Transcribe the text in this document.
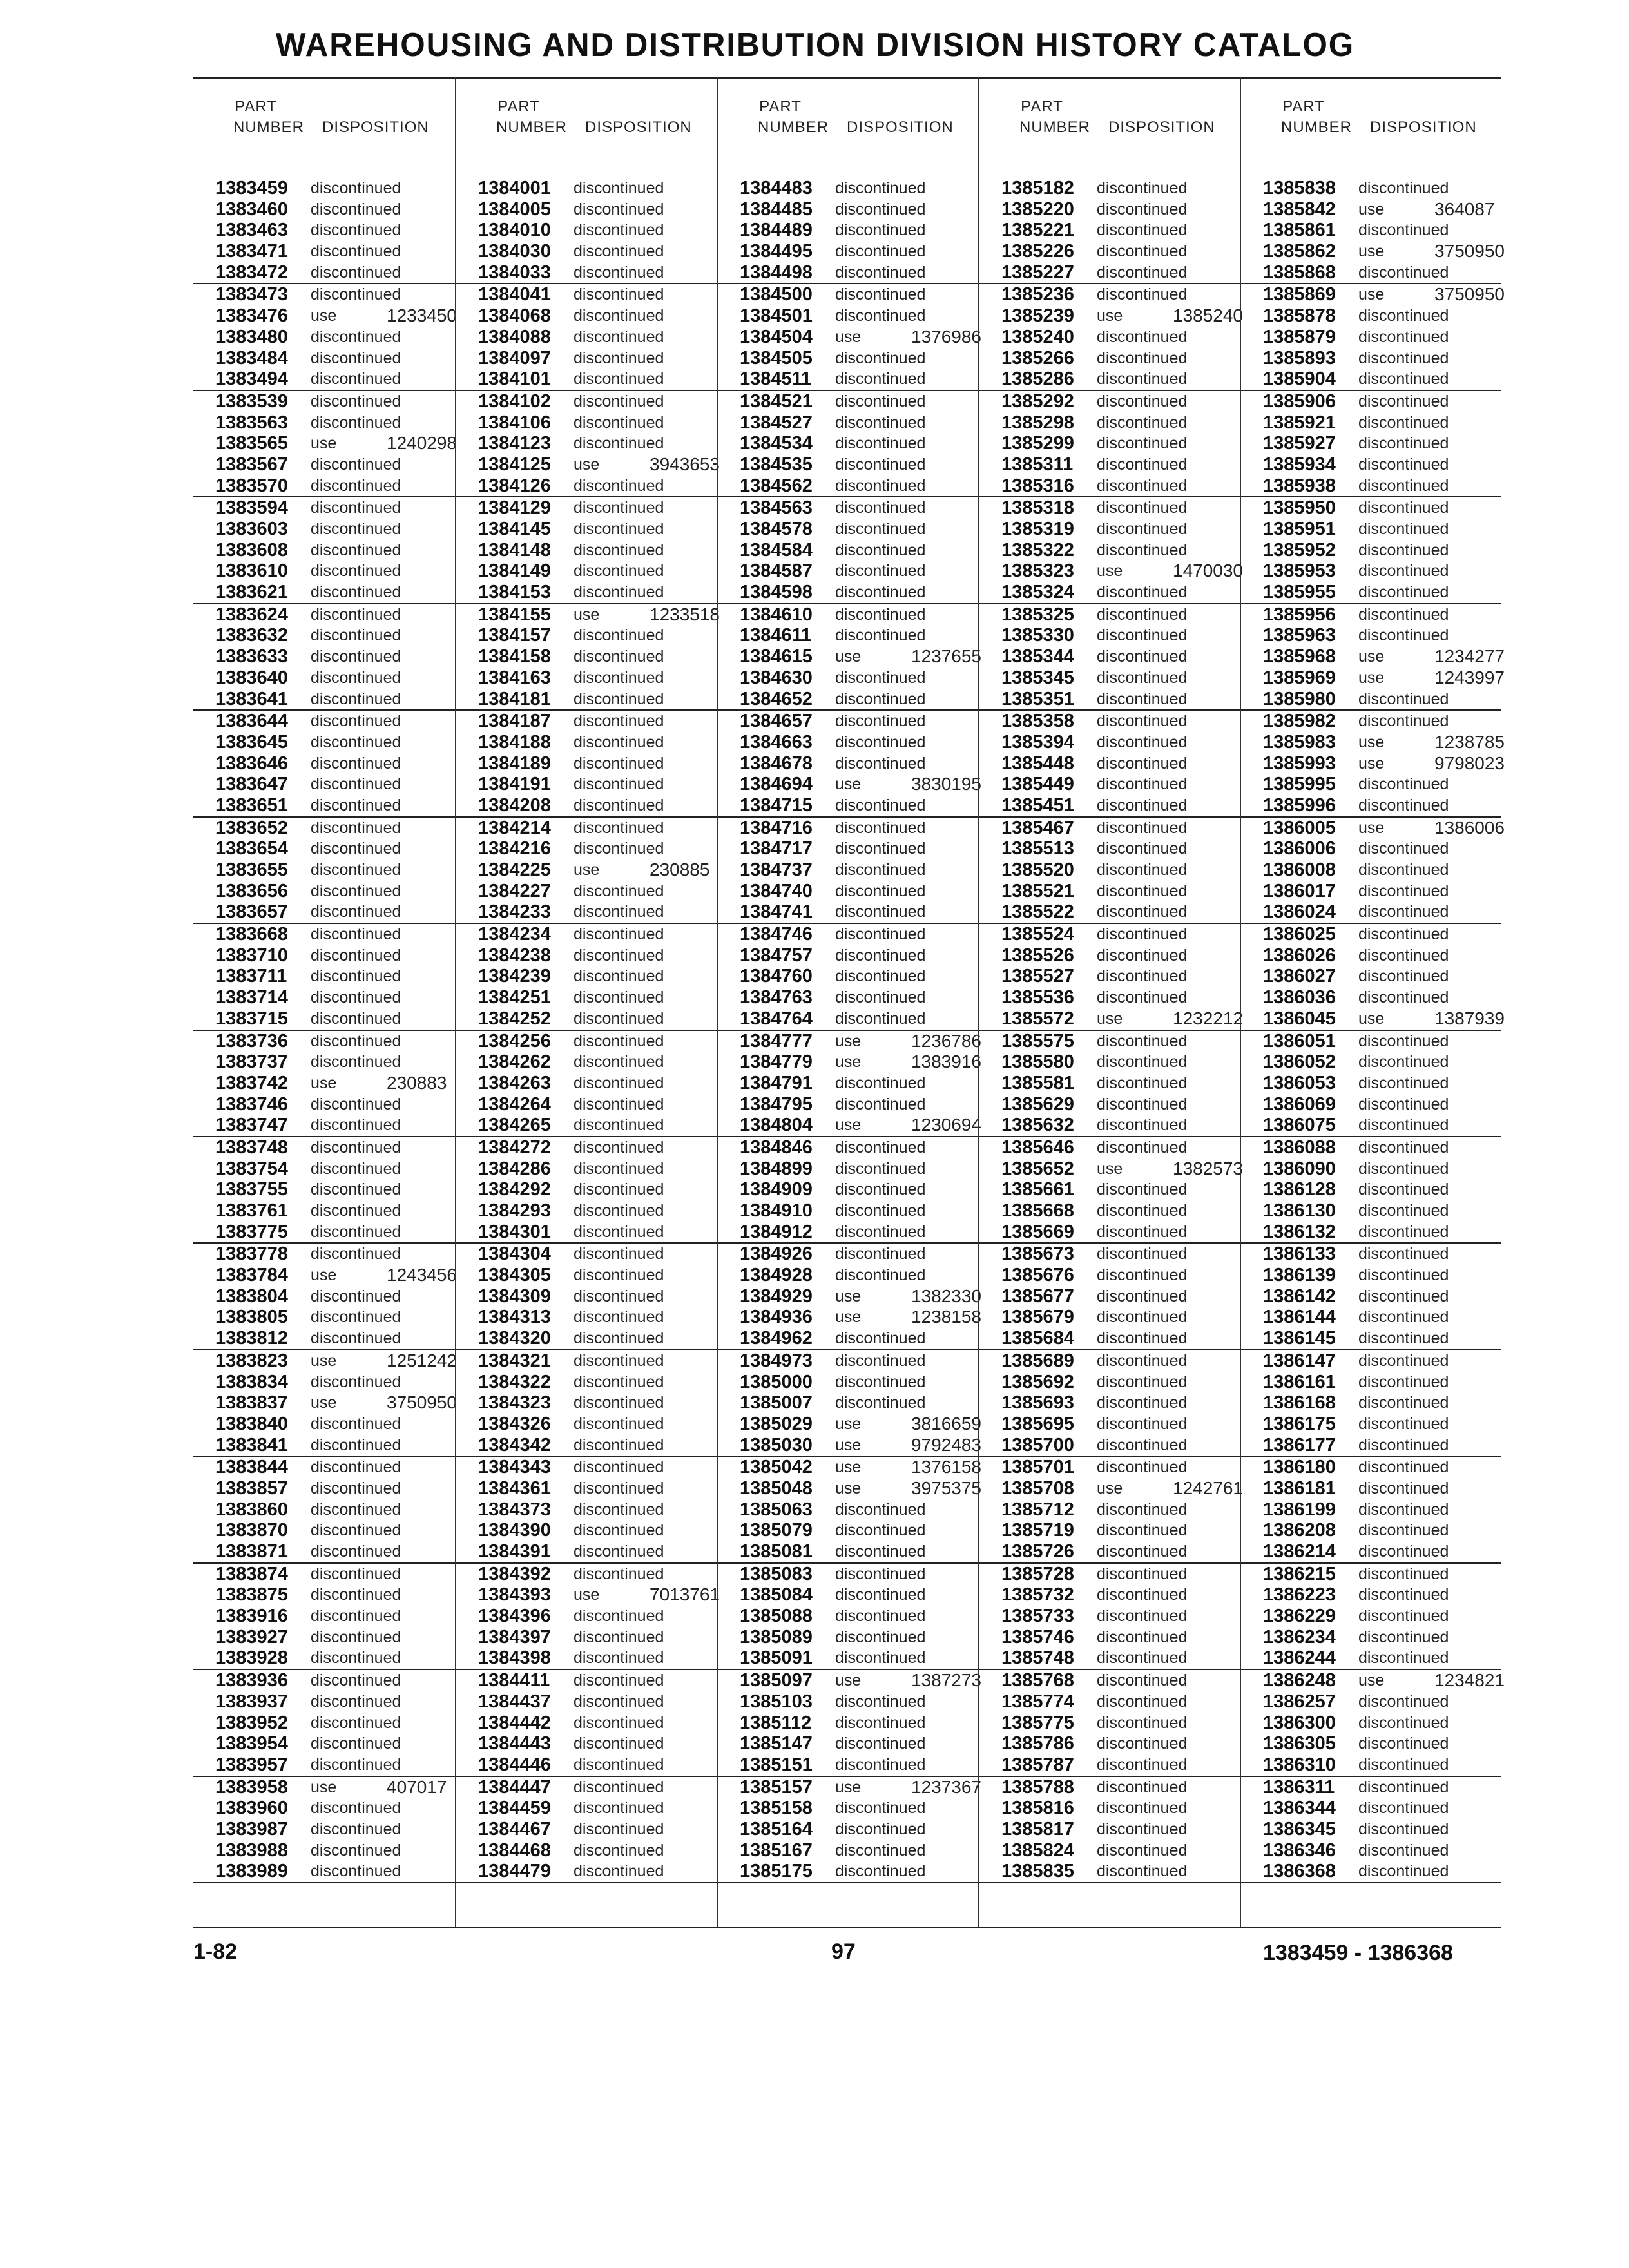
WAREHOUSING AND DISTRIBUTION DIVISION HISTORY CATALOG
PART NUMBER DISPOSITION
1383459 discontinued
1383460 discontinued
1383463 discontinued
1383471 discontinued
1383472 discontinued
1383473 discontinued
1383476 use	1233450
1383480 discontinued
1383484 discontinued
1383494 discontinued
1383539 discontinued
1383563 discontinued
1383565 use	1240298
1383567 discontinued
1383570 discontinued
1383594 discontinued
1383603 discontinued
1383608 discontinued
1383610 discontinued
1383621 discontinued
1383624 discontinued
1383632 discontinued
1383633 discontinued
1383640 discontinued
1383641 discontinued
1383644 discontinued
1383645 discontinued
1383646 discontinued
1383647 discontinued
1383651 discontinued
1383652 discontinued
1383654 discontinued
1383655 discontinued
1383656 discontinued
1383657 discontinued
1383668 discontinued
1383710 discontinued
1383711 discontinued
1383714 discontinued
1383715 discontinued
1383736 discontinued
1383737 discontinued
1383742 use	230883
1383746 discontinued
1383747 discontinued
1383748 discontinued
1383754 discontinued
1383755 discontinued
1383761 discontinued
1383775 discontinued
1383778 discontinued
1383784 use	1243456
1383804 discontinued
1383805 discontinued
1383812 discontinued
1383823 use	1251242
1383834 discontinued
1383837 use	3750950
1383840 discontinued
1383841 discontinued
1383844 discontinued
1383857 discontinued
1383860 discontinued
1383870 discontinued
1383871 discontinued
1383874 discontinued
1383875 discontinued
1383916 discontinued
1383927 discontinued
1383928 discontinued
1383936 discontinued
1383937 discontinued
1383952 discontinued
1383954 discontinued
1383957 discontinued
1383958 use	407017
1383960 discontinued
1383987 discontinued
1383988 discontinued
1383989 discontinued
PART NUMBER DISPOSITION
1384001 discontinued
1384005 discontinued
1384010 discontinued
1384030 discontinued
1384033 discontinued
1384041 discontinued
1384068 discontinued
1384088 discontinued
1384097 discontinued
1384101 discontinued
1384102 discontinued
1384106 discontinued
1384123 discontinued
1384125 use	3943653
1384126 discontinued
1384129 discontinued
1384145 discontinued
1384148 discontinued
1384149 discontinued
1384153 discontinued
1384155 use	1233518
1384157 discontinued
1384158 discontinued
1384163 discontinued
1384181 discontinued
1384187 discontinued
1384188 discontinued
1384189 discontinued
1384191 discontinued
1384208 discontinued
1384214 discontinued
1384216 discontinued
1384225 use	230885
1384227 discontinued
1384233 discontinued
1384234 discontinued
1384238 discontinued
1384239 discontinued
1384251 discontinued
1384252 discontinued
1384256 discontinued
1384262 discontinued
1384263 discontinued
1384264 discontinued
1384265 discontinued
1384272 discontinued
1384286 discontinued
1384292 discontinued
1384293 discontinued
1384301 discontinued
1384304 discontinued
1384305 discontinued
1384309 discontinued
1384313 discontinued
1384320 discontinued
1384321 discontinued
1384322 discontinued
1384323 discontinued
1384326 discontinued
1384342 discontinued
1384343 discontinued
1384361 discontinued
1384373 discontinued
1384390 discontinued
1384391 discontinued
1384392 discontinued
1384393 use	7013761
1384396 discontinued
1384397 discontinued
1384398 discontinued
1384411 discontinued
1384437 discontinued
1384442 discontinued
1384443 discontinued
1384446 discontinued
1384447 discontinued
1384459 discontinued
1384467 discontinued
1384468 discontinued
1384479 discontinued
PART NUMBER DISPOSITION
1384483 discontinued
1384485 discontinued
1384489 discontinued
1384495 discontinued
1384498 discontinued
1384500 discontinued
1384501 discontinued
1384504 use	1376986
1384505 discontinued
1384511 discontinued
1384521 discontinued
1384527 discontinued
1384534 discontinued
1384535 discontinued
1384562 discontinued
1384563 discontinued
1384578 discontinued
1384584 discontinued
1384587 discontinued
1384598 discontinued
1384610 discontinued
1384611 discontinued
1384615 use	1237655
1384630 discontinued
1384652 discontinued
1384657 discontinued
1384663 discontinued
1384678 discontinued
1384694 use	3830195
1384715 discontinued
1384716 discontinued
1384717 discontinued
1384737 discontinued
1384740 discontinued
1384741 discontinued
1384746 discontinued
1384757 discontinued
1384760 discontinued
1384763 discontinued
1384764 discontinued
1384777 use	1236786
1384779 use	1383916
1384791 discontinued
1384795 discontinued
1384804 use	1230694
1384846 discontinued
1384899 discontinued
1384909 discontinued
1384910 discontinued
1384912 discontinued
1384926 discontinued
1384928 discontinued
1384929 use	1382330
1384936 use	1238158
1384962 discontinued
1384973 discontinued
1385000 discontinued
1385007 discontinued
1385029 use	3816659
1385030 use	9792483
1385042 use	1376158
1385048 use	3975375
1385063 discontinued
1385079 discontinued
1385081 discontinued
1385083 discontinued
1385084 discontinued
1385088 discontinued
1385089 discontinued
1385091 discontinued
1385097 use	1387273
1385103 discontinued
1385112 discontinued
1385147 discontinued
1385151 discontinued
1385157 use	1237367
1385158 discontinued
1385164 discontinued
1385167 discontinued
1385175 discontinued
PART NUMBER DISPOSITION
1385182 discontinued
1385220 discontinued
1385221 discontinued
1385226 discontinued
1385227 discontinued
1385236 discontinued
1385239 use	1385240
1385240 discontinued
1385266 discontinued
1385286 discontinued
1385292 discontinued
1385298 discontinued
1385299 discontinued
1385311 discontinued
1385316 discontinued
1385318 discontinued
1385319 discontinued
1385322 discontinued
1385323 use	1470030
1385324 discontinued
1385325 discontinued
1385330 discontinued
1385344 discontinued
1385345 discontinued
1385351 discontinued
1385358 discontinued
1385394 discontinued
1385448 discontinued
1385449 discontinued
1385451 discontinued
1385467 discontinued
1385513 discontinued
1385520 discontinued
1385521 discontinued
1385522 discontinued
1385524 discontinued
1385526 discontinued
1385527 discontinued
1385536 discontinued
1385572 use	1232212
1385575 discontinued
1385580 discontinued
1385581 discontinued
1385629 discontinued
1385632 discontinued
1385646 discontinued
1385652 use	1382573
1385661 discontinued
1385668 discontinued
1385669 discontinued
1385673 discontinued
1385676 discontinued
1385677 discontinued
1385679 discontinued
1385684 discontinued
1385689 discontinued
1385692 discontinued
1385693 discontinued
1385695 discontinued
1385700 discontinued
1385701 discontinued
1385708 use	1242761
1385712 discontinued
1385719 discontinued
1385726 discontinued
1385728 discontinued
1385732 discontinued
1385733 discontinued
1385746 discontinued
1385748 discontinued
1385768 discontinued
1385774 discontinued
1385775 discontinued
1385786 discontinued
1385787 discontinued
1385788 discontinued
1385816 discontinued
1385817 discontinued
1385824 discontinued
1385835 discontinued
PART NUMBER DISPOSITION
1385838 discontinued
1385842 use	364087
1385861 discontinued
1385862 use	3750950
1385868 discontinued
1385869 use	3750950
1385878 discontinued
1385879 discontinued
1385893 discontinued
1385904 discontinued
1385906 discontinued
1385921 discontinued
1385927 discontinued
1385934 discontinued
1385938 discontinued
1385950 discontinued
1385951 discontinued
1385952 discontinued
1385953 discontinued
1385955 discontinued
1385956 discontinued
1385963 discontinued
1385968 use	1234277
1385969 use	1243997
1385980 discontinued
1385982 discontinued
1385983 use	1238785
1385993 use	9798023
1385995 discontinued
1385996 discontinued
1386005 use	1386006
1386006 discontinued
1386008 discontinued
1386017 discontinued
1386024 discontinued
1386025 discontinued
1386026 discontinued
1386027 discontinued
1386036 discontinued
1386045 use	1387939
1386051 discontinued
1386052 discontinued
1386053 discontinued
1386069 discontinued
1386075 discontinued
1386088 discontinued
1386090 discontinued
1386128 discontinued
1386130 discontinued
1386132 discontinued
1386133 discontinued
1386139 discontinued
1386142 discontinued
1386144 discontinued
1386145 discontinued
1386147 discontinued
1386161 discontinued
1386168 discontinued
1386175 discontinued
1386177 discontinued
1386180 discontinued
1386181 discontinued
1386199 discontinued
1386208 discontinued
1386214 discontinued
1386215 discontinued
1386223 discontinued
1386229 discontinued
1386234 discontinued
1386244 discontinued
1386248 use	1234821
1386257 discontinued
1386300 discontinued
1386305 discontinued
1386310 discontinued
1386311 discontinued
1386344 discontinued
1386345 discontinued
1386346 discontinued
1386368 discontinued
1-82	97	1383459 - 1386368
